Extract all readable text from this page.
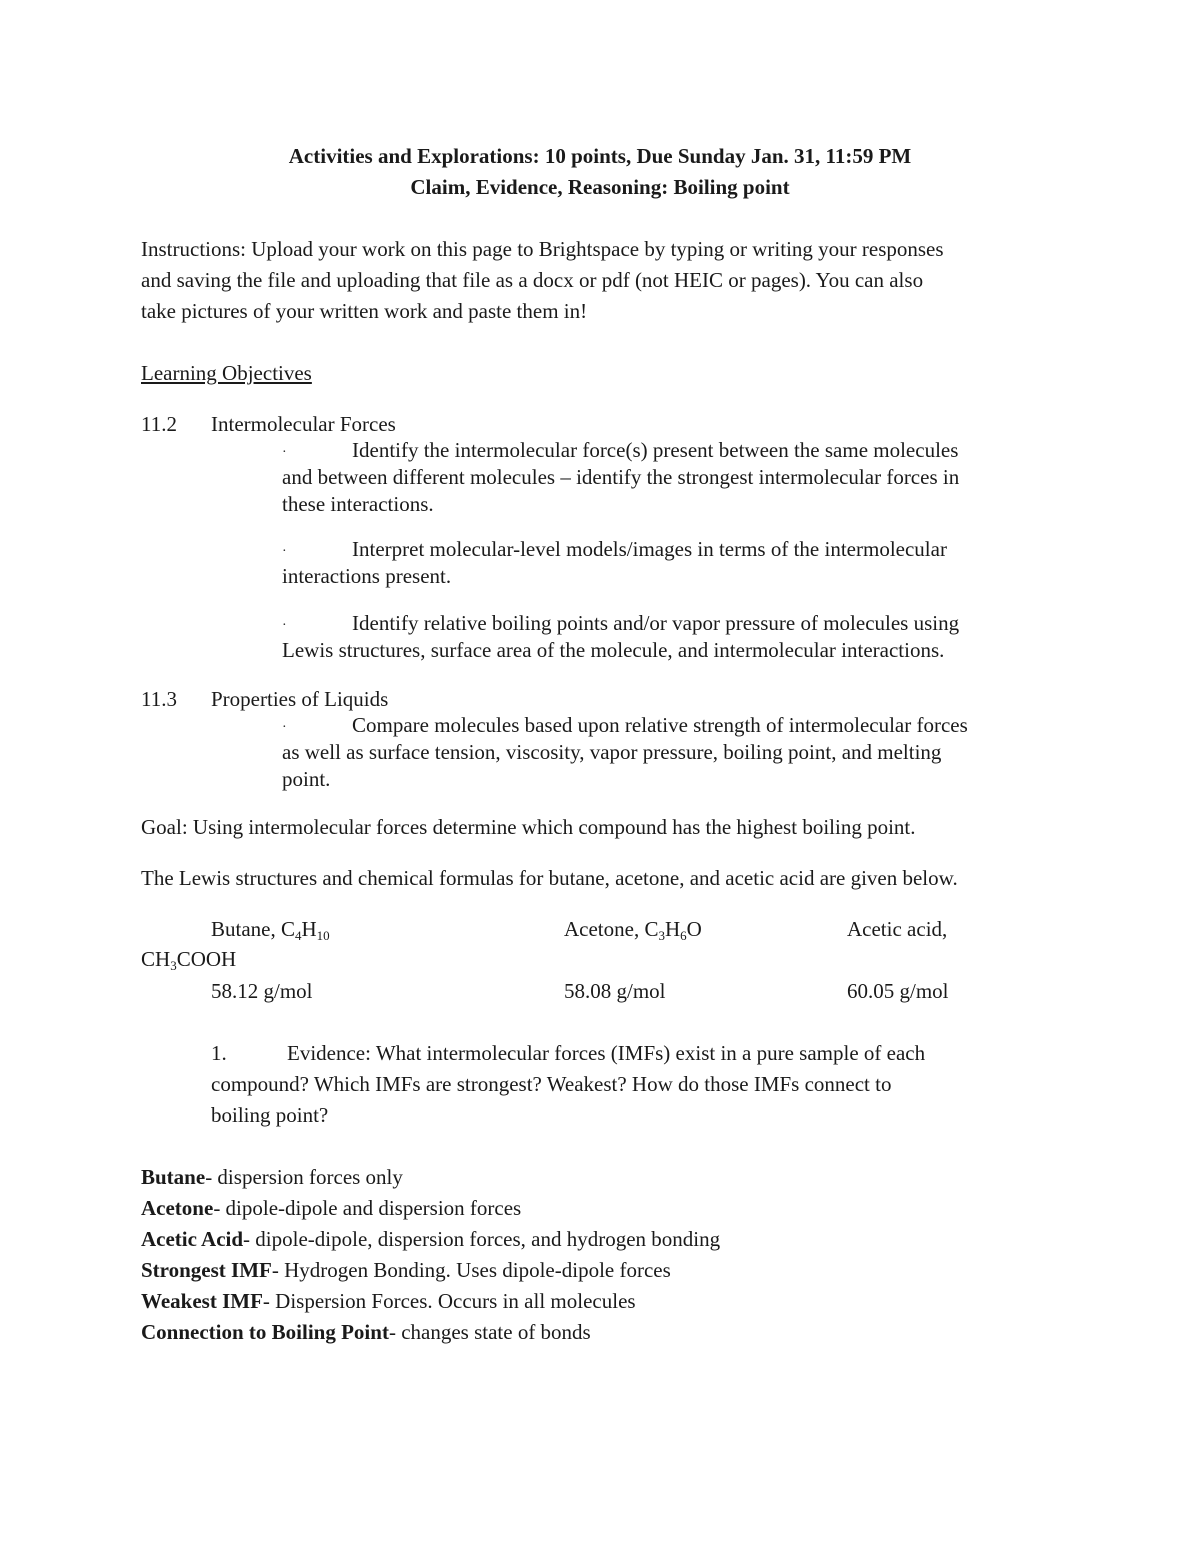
Activities and Explorations: 10 points, Due Sunday Jan. 31, 11:59 PM
Claim, Evidence, Reasoning: Boiling point
Instructions: Upload your work on this page to Brightspace by typing or writing your responses
and saving the file and uploading that file as a docx or pdf (not HEIC or pages). You can also
take pictures of your written work and paste them in!
Learning Objectives
11.2 Intermolecular Forces
·	Identify the intermolecular force(s) present between the same molecules
and between different molecules – identify the strongest intermolecular forces in
these interactions.
·	Interpret molecular-level models/images in terms of the intermolecular
interactions present.
·	Identify relative boiling points and/or vapor pressure of molecules using
Lewis structures, surface area of the molecule, and intermolecular interactions.
11.3 Properties of Liquids
·	Compare molecules based upon relative strength of intermolecular forces
as well as surface tension, viscosity, vapor pressure, boiling point, and melting
point.
Goal: Using intermolecular forces determine which compound has the highest boiling point.
The Lewis structures and chemical formulas for butane, acetone, and acetic acid are given below.
Butane, $C_4H_{10}$	Acetone, $C_3H_6O$	Acetic acid,
$CH_3COOH$
58.12 g/mol	58.08 g/mol	60.05 g/mol
1.	Evidence: What intermolecular forces (IMFs) exist in a pure sample of each
compound? Which IMFs are strongest? Weakest? How do those IMFs connect to
boiling point?
Butane- dispersion forces only
Acetone- dipole-dipole and dispersion forces
Acetic Acid- dipole-dipole, dispersion forces, and hydrogen bonding
Strongest IMF- Hydrogen Bonding. Uses dipole-dipole forces
Weakest IMF- Dispersion Forces. Occurs in all molecules
Connection to Boiling Point- changes state of bonds
